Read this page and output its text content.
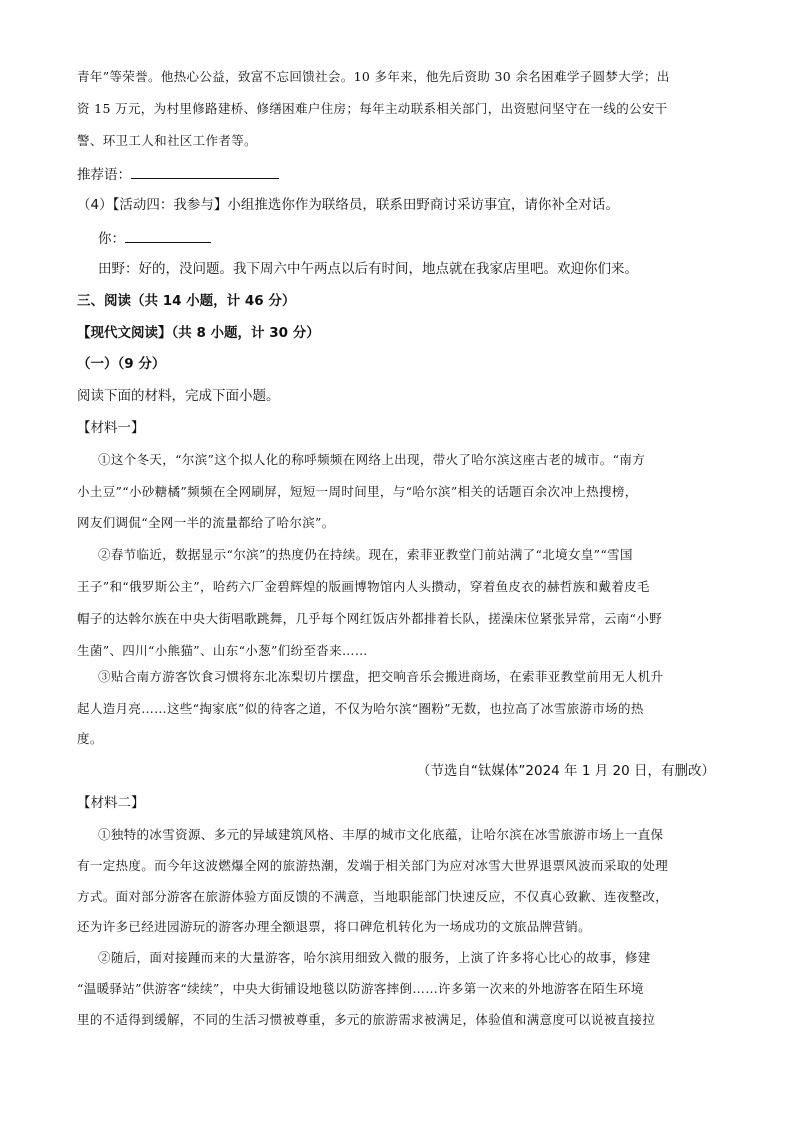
青年”等荣誉。他热心公益，致富不忘回馈社会。10 多年来，他先后资助 30 余名困难学子圆梦大学；出
资 15 万元，为村里修路建桥、修缮困难户住房；每年主动联系相关部门，出资慰问坚守在一线的公安干
警、环卫工人和社区工作者等。
推荐语：
（4）【活动四：我参与】小组推选你作为联络员，联系田野商讨采访事宜，请你补全对话。
你：
田野：好的，没问题。我下周六中午两点以后有时间，地点就在我家店里吧。欢迎你们来。
三、阅读（共 14 小题，计 46 分）
【现代文阅读】（共 8 小题，计 30 分）
（一）（9 分）
阅读下面的材料，完成下面小题。
【材料一】
①这个冬天，“尔滨”这个拟人化的称呼频频在网络上出现，带火了哈尔滨这座古老的城市。“南方
小土豆”“小砂糖橘”频频在全网刷屏，短短一周时间里，与“哈尔滨”相关的话题百余次冲上热搜榜，
网友们调侃“全网一半的流量都给了哈尔滨”。
②春节临近，数据显示“尔滨”的热度仍在持续。现在，索菲亚教堂门前站满了“北境女皇”“雪国
王子”和“俄罗斯公主”，哈药六厂金碧辉煌的版画博物馆内人头攒动，穿着鱼皮衣的赫哲族和戴着皮毛
帽子的达斡尔族在中央大街唱歌跳舞，几乎每个网红饭店外都排着长队，搓澡床位紧张异常，云南“小野
生菌”、四川“小熊猫”、山东“小葱”们纷至沓来……
③贴合南方游客饮食习惯将东北冻梨切片摆盘，把交响音乐会搬进商场，在索菲亚教堂前用无人机升
起人造月亮……这些“掏家底”似的待客之道，不仅为哈尔滨“圈粉”无数，也拉高了冰雪旅游市场的热
度。
（节选自“钛媒体”2024 年 1 月 20 日，有删改）
【材料二】
①独特的冰雪资源、多元的异域建筑风格、丰厚的城市文化底蕴，让哈尔滨在冰雪旅游市场上一直保
有一定热度。而今年这波燃爆全网的旅游热潮，发端于相关部门为应对冰雪大世界退票风波而采取的处理
方式。面对部分游客在旅游体验方面反馈的不满意，当地职能部门快速反应，不仅真心致歉、连夜整改，
还为许多已经进园游玩的游客办理全额退票，将口碑危机转化为一场成功的文旅品牌营销。
②随后，面对接踵而来的大量游客，哈尔滨用细致入微的服务，上演了许多将心比心的故事，修建
“温暖驿站”供游客“续续”，中央大街铺设地毯以防游客摔倒……许多第一次来的外地游客在陌生环境
里的不适得到缓解，不同的生活习惯被尊重，多元的旅游需求被满足，体验值和满意度可以说被直接拉
